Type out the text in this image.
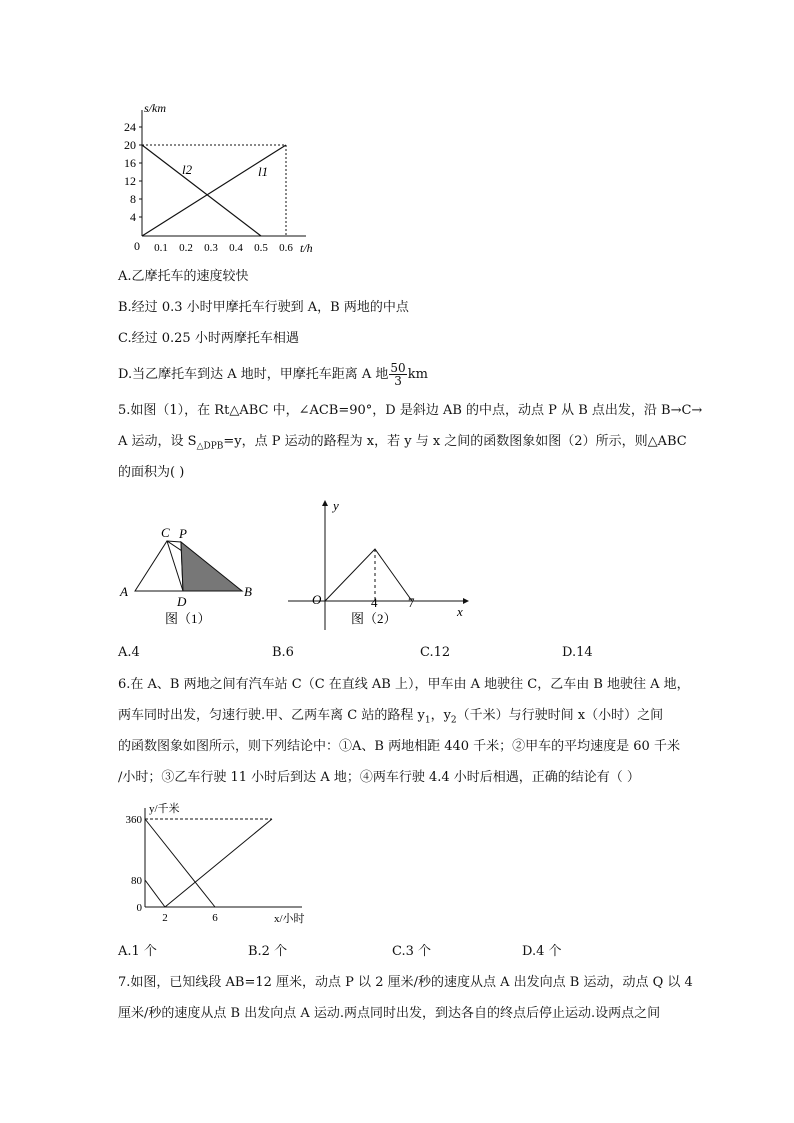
24
20
16
12
8
4
s/km
0 0.1 0.2 0.3 0.4 0.5 0.6 t/h
l2	l1
A.乙摩托车的速度较快
B.经过 0.3 小时甲摩托车行驶到 A，B 两地的中点
C.经过 0.25 小时两摩托车相遇
D.当乙摩托车到达 A 地时，甲摩托车距离 A 地 $\frac{50}{3}$ km
5.如图（1），在 Rt△ABC 中，∠ACB=90°，D 是斜边 AB 的中点，动点 P 从 B 点出发，沿 B→C→
A 运动，设 $S_{\triangle DPB}=y$，点 P 运动的路程为 x，若 y 与 x 之间的函数图象如图（2）所示，则△ABC
的面积为( )
C P
A
D
B
图（1）
y
x
O	4 7
图（2）
A.4	B.6	C.12	D.14
6.在 A、B 两地之间有汽车站 C（C 在直线 AB 上），甲车由 A 地驶往 C，乙车由 B 地驶往 A 地，
两车同时出发，匀速行驶.甲、乙两车离 C 站的路程 $y_1$，$y_2$（千米）与行驶时间 x（小时）之间
的函数图象如图所示，则下列结论中：①A、B 两地相距 440 千米；②甲车的平均速度是 60 千米
/小时；③乙车行驶 11 小时后到达 A 地；④两车行驶 4.4 小时后相遇，正确的结论有（ ）
360
80
0
2	6
y/千米
x/小时
A.1 个	B.2 个	C.3 个	D.4 个
7.如图，已知线段 AB=12 厘米，动点 P 以 2 厘米/秒的速度从点 A 出发向点 B 运动，动点 Q 以 4
厘米/秒的速度从点 B 出发向点 A 运动.两点同时出发，到达各自的终点后停止运动.设两点之间
